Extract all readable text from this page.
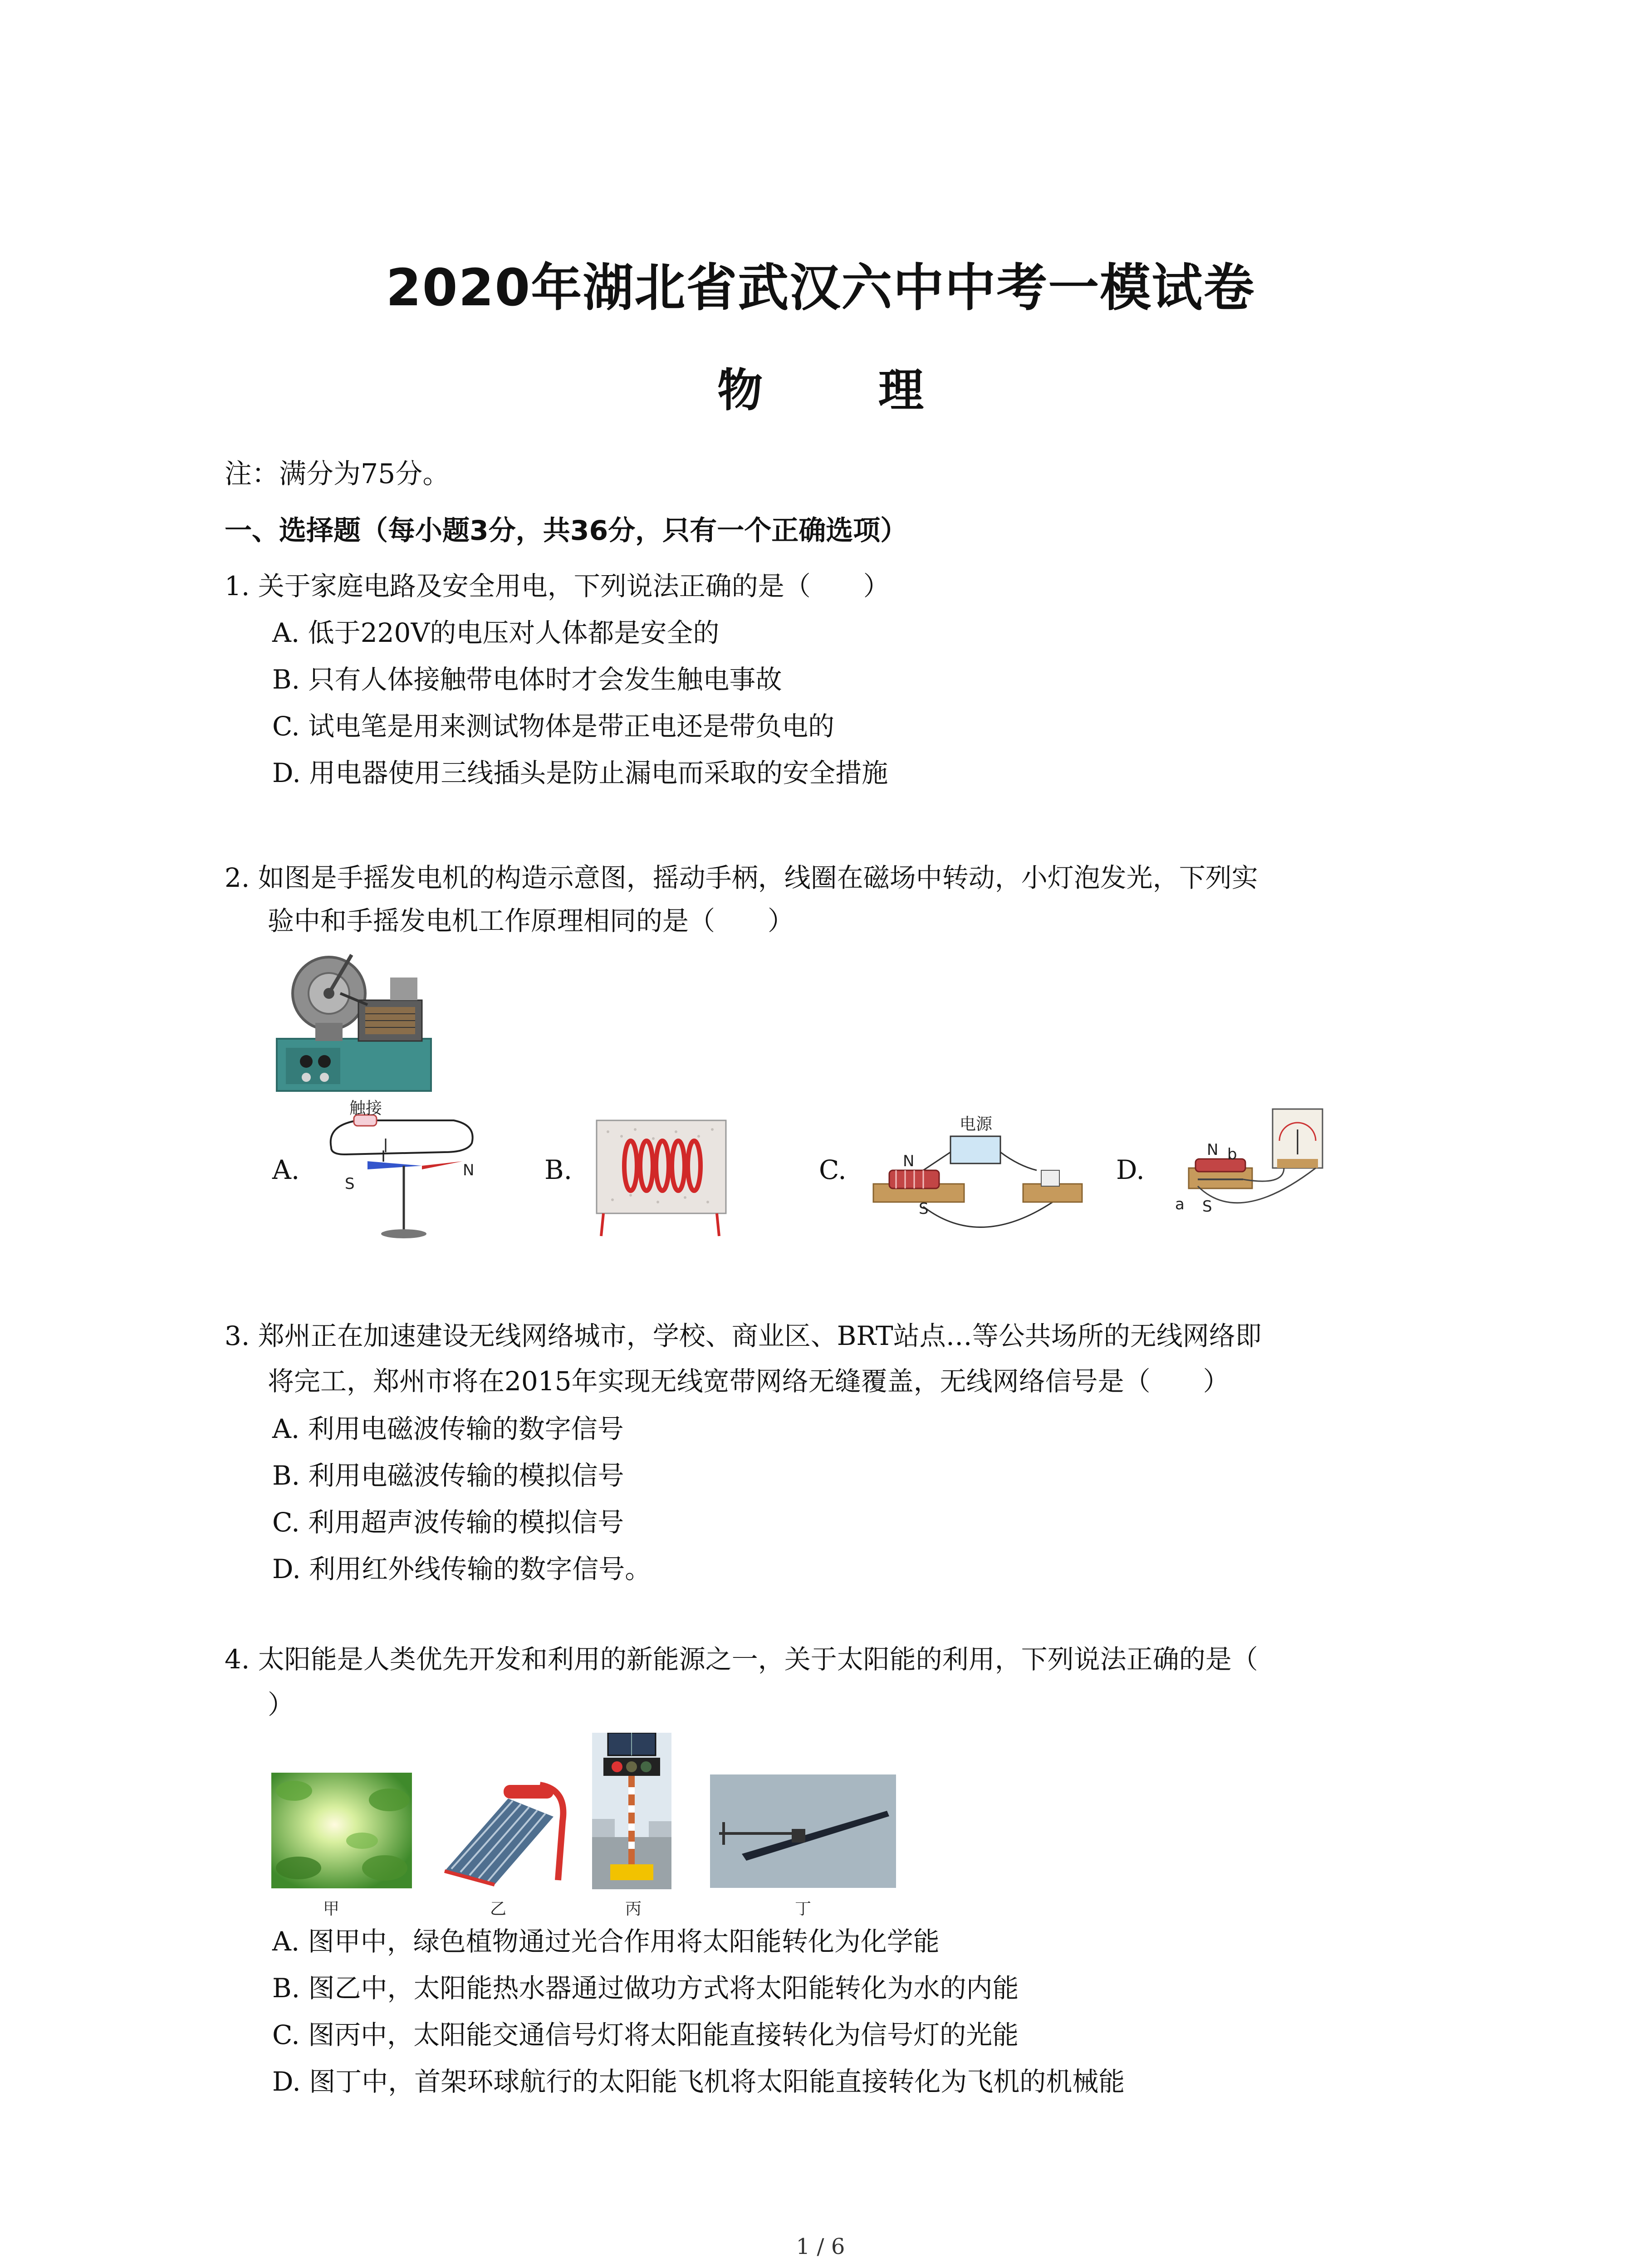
2020年湖北省武汉六中中考一模试卷
物 理
注：满分为75分。
一、选择题（每小题3分，共36分，只有一个正确选项）
1. 关于家庭电路及安全用电，下列说法正确的是（　　）
A. 低于220V的电压对人体都是安全的
B. 只有人体接触带电体时才会发生触电事故
C. 试电笔是用来测试物体是带正电还是带负电的
D. 用电器使用三线插头是防止漏电而采取的安全措施
2. 如图是手摇发电机的构造示意图，摇动手柄，线圈在磁场中转动，小灯泡发光，下列实
验中和手摇发电机工作原理相同的是（　　）
A.	B.	C.	D.
触接
I
S
N
电源
N
S
N b
a S
3. 郑州正在加速建设无线网络城市，学校、商业区、BRT站点…等公共场所的无线网络即
将完工，郑州市将在2015年实现无线宽带网络无缝覆盖，无线网络信号是（　　）
A. 利用电磁波传输的数字信号
B. 利用电磁波传输的模拟信号
C. 利用超声波传输的模拟信号
D. 利用红外线传输的数字信号。
4. 太阳能是人类优先开发和利用的新能源之一，关于太阳能的利用，下列说法正确的是（
）
甲	乙	丙	丁
A. 图甲中，绿色植物通过光合作用将太阳能转化为化学能
B. 图乙中，太阳能热水器通过做功方式将太阳能转化为水的内能
C. 图丙中，太阳能交通信号灯将太阳能直接转化为信号灯的光能
D. 图丁中，首架环球航行的太阳能飞机将太阳能直接转化为飞机的机械能
1 / 6
